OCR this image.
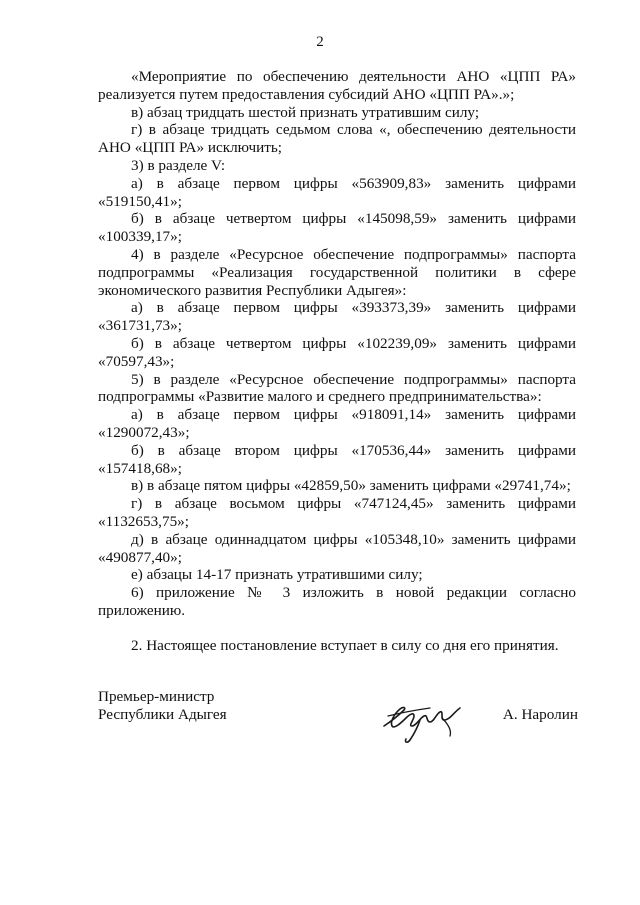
2

«Мероприятие по обеспечению деятельности АНО «ЦПП РА» реализуется путем предоставления субсидий АНО «ЦПП РА».»;

в) абзац тридцать шестой признать утратившим силу;

г) в абзаце тридцать седьмом слова «, обеспечению деятельности АНО «ЦПП РА» исключить;

3) в разделе V:

а) в абзаце первом цифры «563909,83» заменить цифрами «519150,41»;

б) в абзаце четвертом цифры «145098,59» заменить цифрами «100339,17»;

4) в разделе «Ресурсное обеспечение подпрограммы» паспорта подпрограммы «Реализация государственной политики в сфере экономического развития Республики Адыгея»:

а) в абзаце первом цифры «393373,39» заменить цифрами «361731,73»;

б) в абзаце четвертом цифры «102239,09» заменить цифрами «70597,43»;

5) в разделе «Ресурсное обеспечение подпрограммы» паспорта подпрограммы «Развитие малого и среднего предпринимательства»:

а) в абзаце первом цифры «918091,14» заменить цифрами «1290072,43»;

б) в абзаце втором цифры «170536,44» заменить цифрами «157418,68»;

в) в абзаце пятом цифры «42859,50» заменить цифрами «29741,74»;

г) в абзаце восьмом цифры «747124,45» заменить цифрами «1132653,75»;

д) в абзаце одиннадцатом цифры «105348,10» заменить цифрами «490877,40»;

е) абзацы 14-17 признать утратившими силу;

6) приложение № 3 изложить в новой редакции согласно приложению.

2. Настоящее постановление вступает в силу со дня его принятия.

Премьер-министр
Республики Адыгея	А. Наролин
